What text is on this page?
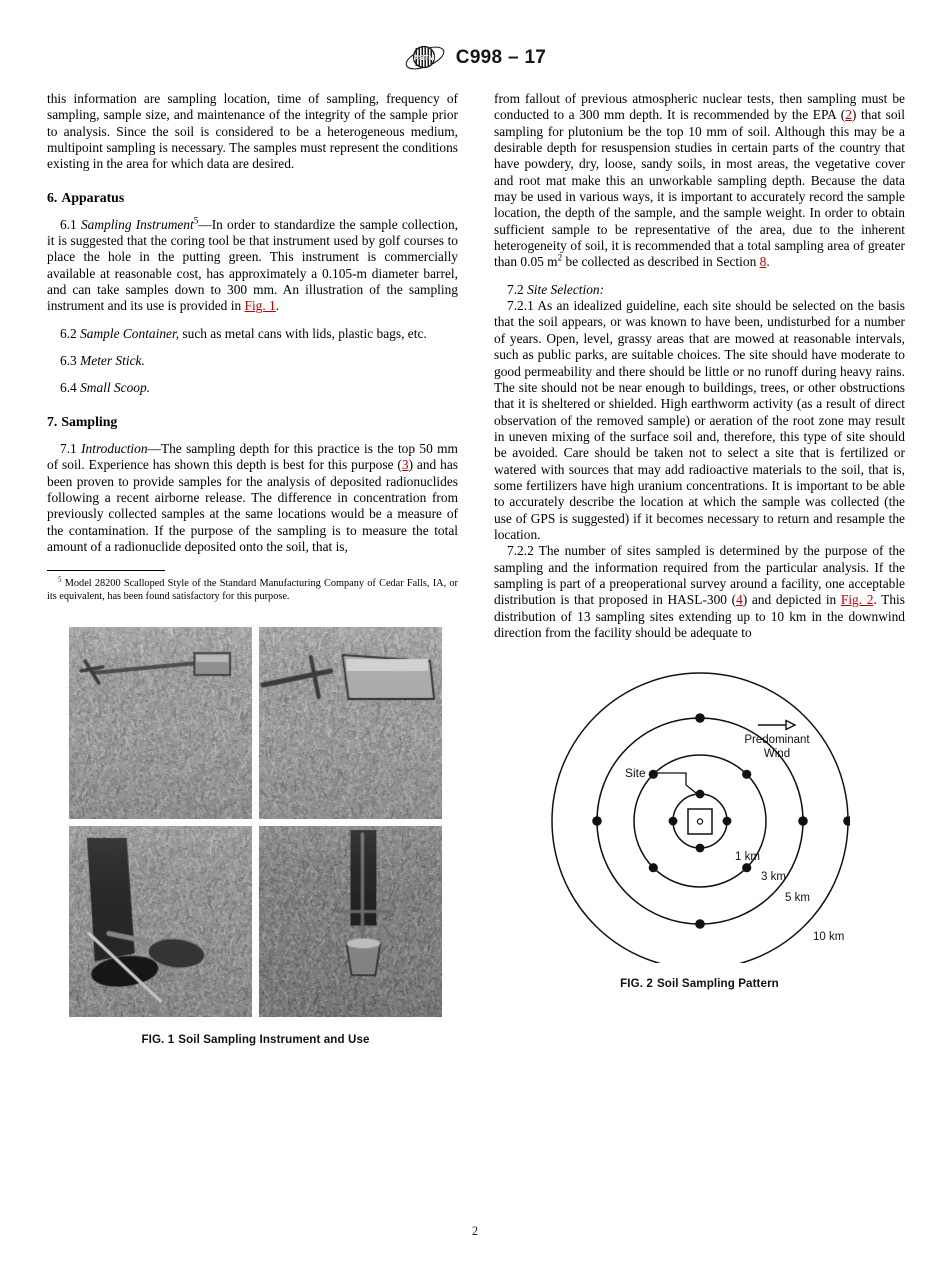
ASTM C998 – 17

this information are sampling location, time of sampling, frequency of sampling, sample size, and maintenance of the integrity of the sample prior to analysis. Since the soil is considered to be a heterogeneous medium, multipoint sampling is necessary. The samples must represent the conditions existing in the area for which data are desired.

6. Apparatus

6.1 Sampling Instrument$^5$—In order to standardize the sample collection, it is suggested that the coring tool be that instrument used by golf courses to place the hole in the putting green. This instrument is commercially available at reasonable cost, has approximately a 0.105-m diameter barrel, and can take samples down to 300 mm. An illustration of the sampling instrument and its use is provided in Fig. 1.

6.2 Sample Container, such as metal cans with lids, plastic bags, etc.

6.3 Meter Stick.

6.4 Small Scoop.

7. Sampling

7.1 Introduction—The sampling depth for this practice is the top 50 mm of soil. Experience has shown this depth is best for this purpose (3) and has been proven to provide samples for the analysis of deposited radionuclides following a recent airborne release. The difference in concentration from previously collected samples at the same locations would be a measure of the contamination. If the purpose of the sampling is to measure the total amount of a radionuclide deposited onto the soil, that is,

$^5$ Model 28200 Scalloped Style of the Standard Manufacturing Company of Cedar Falls, IA, or its equivalent, has been found satisfactory for this purpose.

FIG. 1 Soil Sampling Instrument and Use

from fallout of previous atmospheric nuclear tests, then sampling must be conducted to a 300 mm depth. It is recommended by the EPA (2) that soil sampling for plutonium be the top 10 mm of soil. Although this may be a desirable depth for resuspension studies in certain parts of the country that have powdery, dry, loose, sandy soils, in most areas, the vegetative cover and root mat make this an unworkable sampling depth. Because the data may be used in various ways, it is important to accurately record the sample location, the depth of the sample, and the sample weight. In order to obtain sufficient sample to be representative of the area, due to the inherent heterogeneity of soil, it is recommended that a total sampling area of greater than 0.05 $m^2$ be collected as described in Section 8.

7.2 Site Selection:

7.2.1 As an idealized guideline, each site should be selected on the basis that the soil appears, or was known to have been, undisturbed for a number of years. Open, level, grassy areas that are mowed at reasonable intervals, such as public parks, are suitable choices. The site should have moderate to good permeability and there should be little or no runoff during heavy rains. The site should not be near enough to buildings, trees, or other obstructions that it is sheltered or shielded. High earthworm activity (as a result of direct observation of the removed sample) or aeration of the root zone may result in uneven mixing of the surface soil and, therefore, this type of site should be avoided. Care should be taken not to select a site that is fertilized or watered with sources that may add radioactive materials to the soil, that is, some fertilizers have high uranium concentrations. It is important to be able to accurately describe the location at which the sample was collected (the use of GPS is suggested) if it becomes necessary to return and resample the location.

7.2.2 The number of sites sampled is determined by the purpose of the sampling and the information required from the particular analysis. If the sampling is part of a preoperational survey around a facility, one acceptable distribution is that proposed in HASL-300 (4) and depicted in Fig. 2. This distribution of 13 sampling sites extending up to 10 km in the downwind direction from the facility should be adequate to

Site
Predominant
Wind
1 km
3 km
5 km
10 km
FIG. 2 Soil Sampling Pattern
2
